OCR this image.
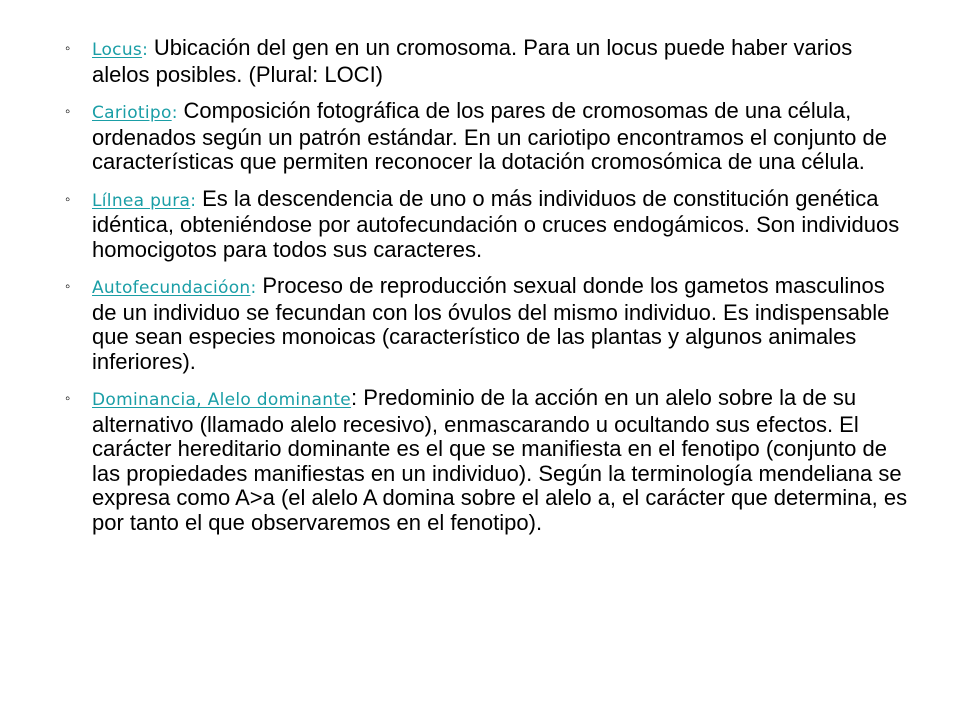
◦ Locus: Ubicación del gen en un cromosoma. Para un locus puede haber varios alelos posibles. (Plural: LOCI)
◦ Cariotipo: Composición fotográfica de los pares de cromosomas de una célula, ordenados según un patrón estándar. En un cariotipo encontramos el conjunto de características que permiten reconocer la dotación cromosómica de una célula.
◦ Lílnea pura: Es la descendencia de uno o más individuos de constitución genética idéntica, obteniéndose por autofecundación o cruces endogámicos. Son individuos homocigotos para todos sus caracteres.
◦ Autofecundacióon: Proceso de reproducción sexual donde los gametos masculinos de un individuo se fecundan con los óvulos del mismo individuo. Es indispensable que sean especies monoicas (característico de las plantas y algunos animales inferiores).
◦ Dominancia, Alelo dominante: Predominio de la acción en un alelo sobre la de su alternativo (llamado alelo recesivo), enmascarando u ocultando sus efectos. El carácter hereditario dominante es el que se manifiesta en el fenotipo (conjunto de las propiedades manifiestas en un individuo). Según la terminología mendeliana se expresa como A>a (el alelo A domina sobre el alelo a, el carácter que determina, es por tanto el que observaremos en el fenotipo).
